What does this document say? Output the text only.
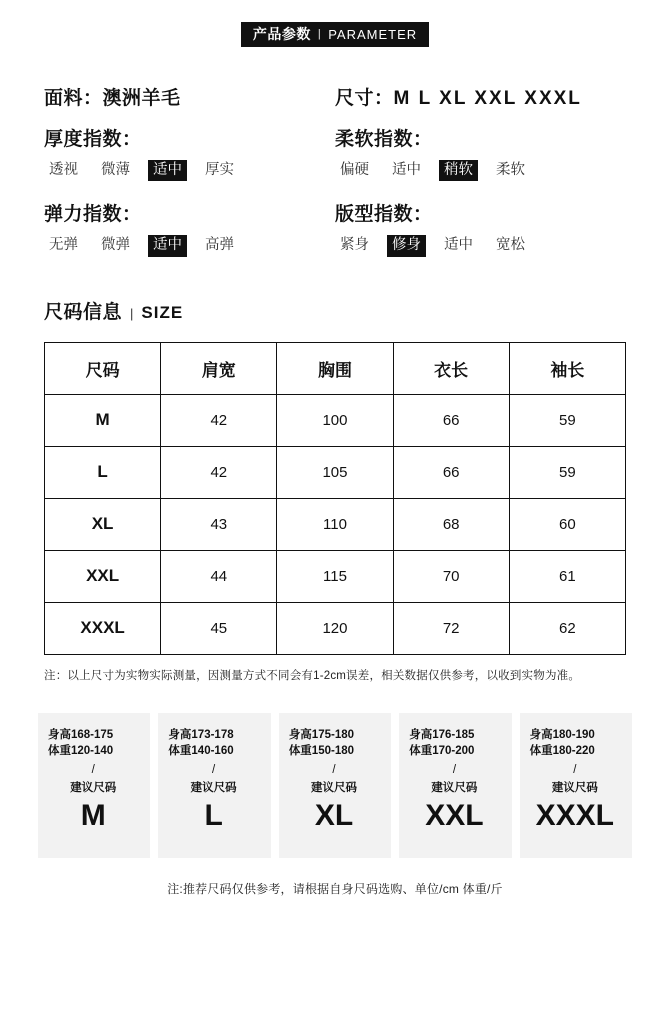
产品参数 | PARAMETER
面料：澳洲羊毛	尺寸：M L XL XXL XXXL
厚度指数：
透视	微薄	适中	厚实
柔软指数：
偏硬	适中	稍软	柔软
弹力指数：
无弹	微弹	适中	高弹
版型指数：
紧身	修身	适中	宽松
尺码信息 | SIZE
尺码	肩宽	胸围	衣长	袖长
M	42	100	66	59
L	42	105	66	59
XL	43	110	68	60
XXL	44	115	70	61
XXXL	45	120	72	62
注：以上尺寸为实物实际测量，因测量方式不同会有1-2cm误差，相关数据仅供参考，以收到实物为准。
身高168-175
体重120-140
/
建议尺码
M
身高173-178
体重140-160
/
建议尺码
L
身高175-180
体重150-180
/
建议尺码
XL
身高176-185
体重170-200
/
建议尺码
XXL
身高180-190
体重180-220
/
建议尺码
XXXL
注:推荐尺码仅供参考，请根据自身尺码选购、单位/cm 体重/斤
